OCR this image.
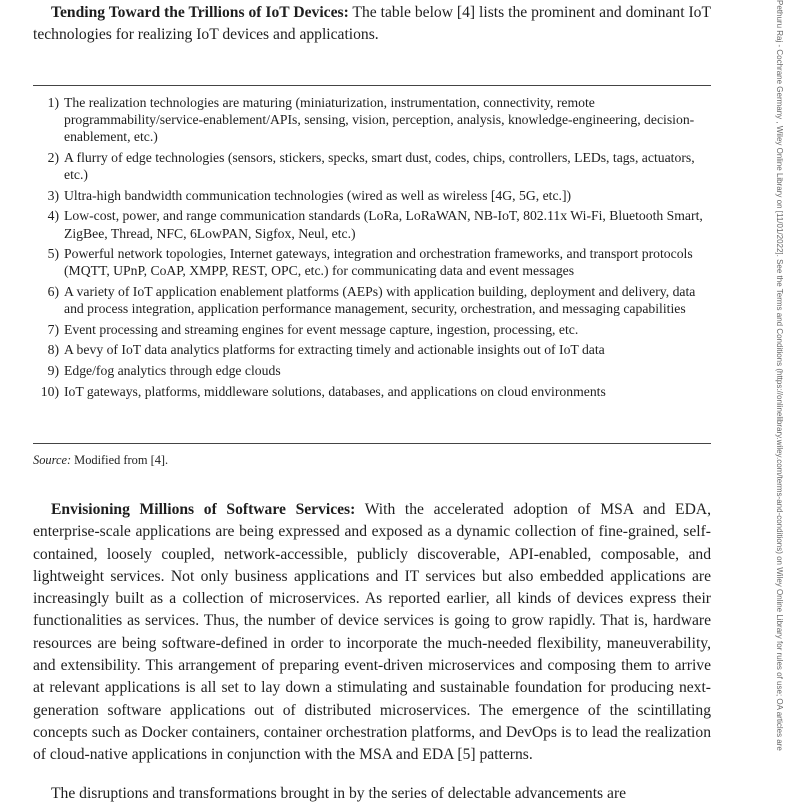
Tending Toward the Trillions of IoT Devices: The table below [4] lists the prominent and dominant IoT technologies for realizing IoT devices and applications.

1) The realization technologies are maturing (miniaturization, instrumentation, connectivity, remote programmability/service-enablement/APIs, sensing, vision, perception, analysis, knowledge-engineering, decision-enablement, etc.)
2) A flurry of edge technologies (sensors, stickers, specks, smart dust, codes, chips, controllers, LEDs, tags, actuators, etc.)
3) Ultra-high bandwidth communication technologies (wired as well as wireless [4G, 5G, etc.])
4) Low-cost, power, and range communication standards (LoRa, LoRaWAN, NB-IoT, 802.11x Wi-Fi, Bluetooth Smart, ZigBee, Thread, NFC, 6LowPAN, Sigfox, Neul, etc.)
5) Powerful network topologies, Internet gateways, integration and orchestration frameworks, and transport protocols (MQTT, UPnP, CoAP, XMPP, REST, OPC, etc.) for communicating data and event messages
6) A variety of IoT application enablement platforms (AEPs) with application building, deployment and delivery, data and process integration, application performance management, security, orchestration, and messaging capabilities
7) Event processing and streaming engines for event message capture, ingestion, processing, etc.
8) A bevy of IoT data analytics platforms for extracting timely and actionable insights out of IoT data
9) Edge/fog analytics through edge clouds
10) IoT gateways, platforms, middleware solutions, databases, and applications on cloud environments
Source: Modified from [4].

Envisioning Millions of Software Services: With the accelerated adoption of MSA and EDA, enterprise-scale applications are being expressed and exposed as a dynamic collection of fine-grained, self-contained, loosely coupled, network-accessible, publicly discoverable, API-enabled, composable, and lightweight services. Not only business applications and IT services but also embedded applications are increasingly built as a collection of microservices. As reported earlier, all kinds of devices express their functionalities as services. Thus, the number of device services is going to grow rapidly. That is, hardware resources are being software-defined in order to incorporate the much-needed flexibility, maneuverability, and extensibility. This arrangement of preparing event-driven microservices and composing them to arrive at relevant applications is all set to lay down a stimulating and sustainable foundation for producing next-generation software applications out of distributed microservices. The emergence of the scintillating concepts such as Docker containers, container orchestration platforms, and DevOps is to lead the realization of cloud-native applications in conjunction with the MSA and EDA [5] patterns.

The disruptions and transformations brought in by the series of delectable advancements are

Pethuru Raj - Cochrane Germany , Wiley Online Library on [11/01/2022]. See the Terms and Conditions (https://onlinelibrary.wiley.com/terms-and-conditions) on Wiley Online Library for rules of use; OA articles are
